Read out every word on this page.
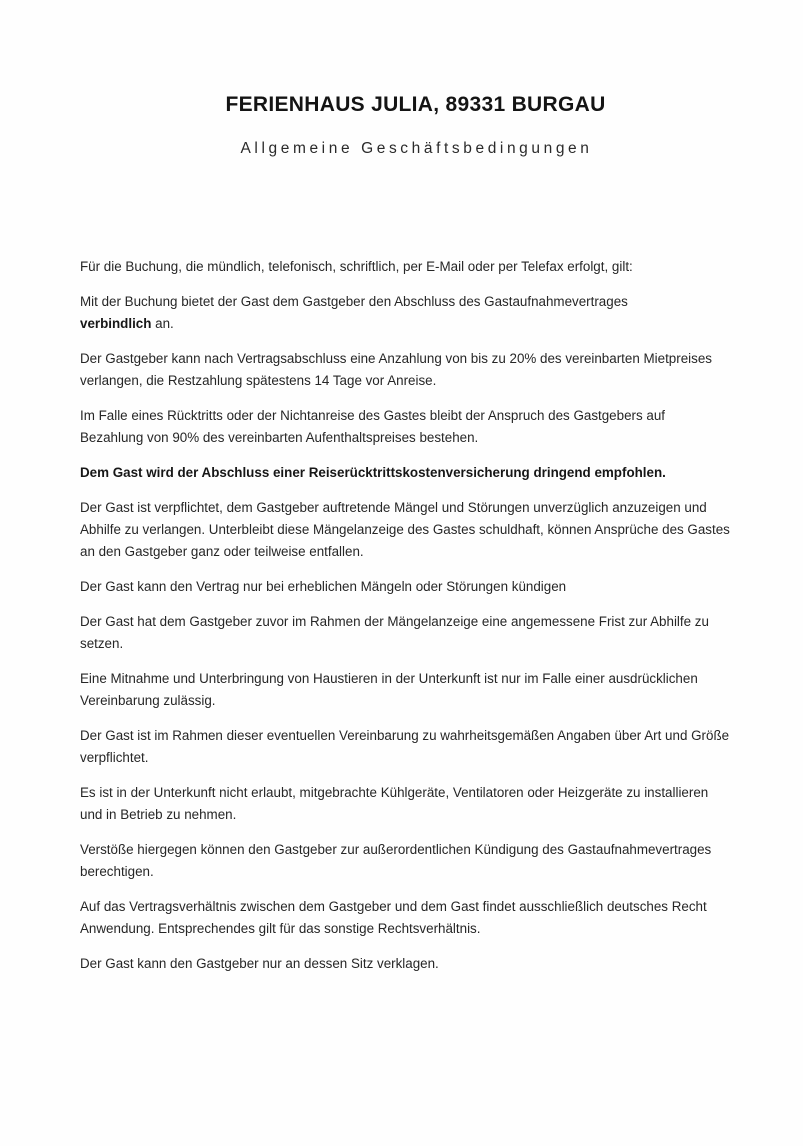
FERIENHAUS JULIA, 89331 BURGAU
Allgemeine Geschäftsbedingungen

Für die Buchung, die mündlich, telefonisch, schriftlich, per E-Mail oder per Telefax erfolgt, gilt:

Mit der Buchung bietet der Gast dem Gastgeber den Abschluss des Gastaufnahmevertrages
verbindlich an.

Der Gastgeber kann nach Vertragsabschluss eine Anzahlung von bis zu 20% des vereinbarten Mietpreises verlangen, die Restzahlung spätestens 14 Tage vor Anreise.

Im Falle eines Rücktritts oder der Nichtanreise des Gastes bleibt der Anspruch des Gastgebers auf Bezahlung von 90% des vereinbarten Aufenthaltspreises bestehen.

Dem Gast wird der Abschluss einer Reiserücktrittskostenversicherung dringend empfohlen.

Der Gast ist verpflichtet, dem Gastgeber auftretende Mängel und Störungen unverzüglich anzuzeigen und Abhilfe zu verlangen. Unterbleibt diese Mängelanzeige des Gastes schuldhaft, können Ansprüche des Gastes an den Gastgeber ganz oder teilweise entfallen.

Der Gast kann den Vertrag nur bei erheblichen Mängeln oder Störungen kündigen

Der Gast hat dem Gastgeber zuvor im Rahmen der Mängelanzeige eine angemessene Frist zur Abhilfe zu setzen.

Eine Mitnahme und Unterbringung von Haustieren in der Unterkunft ist nur im Falle einer ausdrücklichen Vereinbarung zulässig.

Der Gast ist im Rahmen dieser eventuellen Vereinbarung zu wahrheitsgemäßen Angaben über Art und Größe verpflichtet.

Es ist in der Unterkunft nicht erlaubt, mitgebrachte Kühlgeräte, Ventilatoren oder Heizgeräte zu installieren und in Betrieb zu nehmen.

Verstöße hiergegen können den Gastgeber zur außerordentlichen Kündigung des Gastaufnahmevertrages berechtigen.

Auf das Vertragsverhältnis zwischen dem Gastgeber und dem Gast findet ausschließlich deutsches Recht Anwendung. Entsprechendes gilt für das sonstige Rechtsverhältnis.

Der Gast kann den Gastgeber nur an dessen Sitz verklagen.
